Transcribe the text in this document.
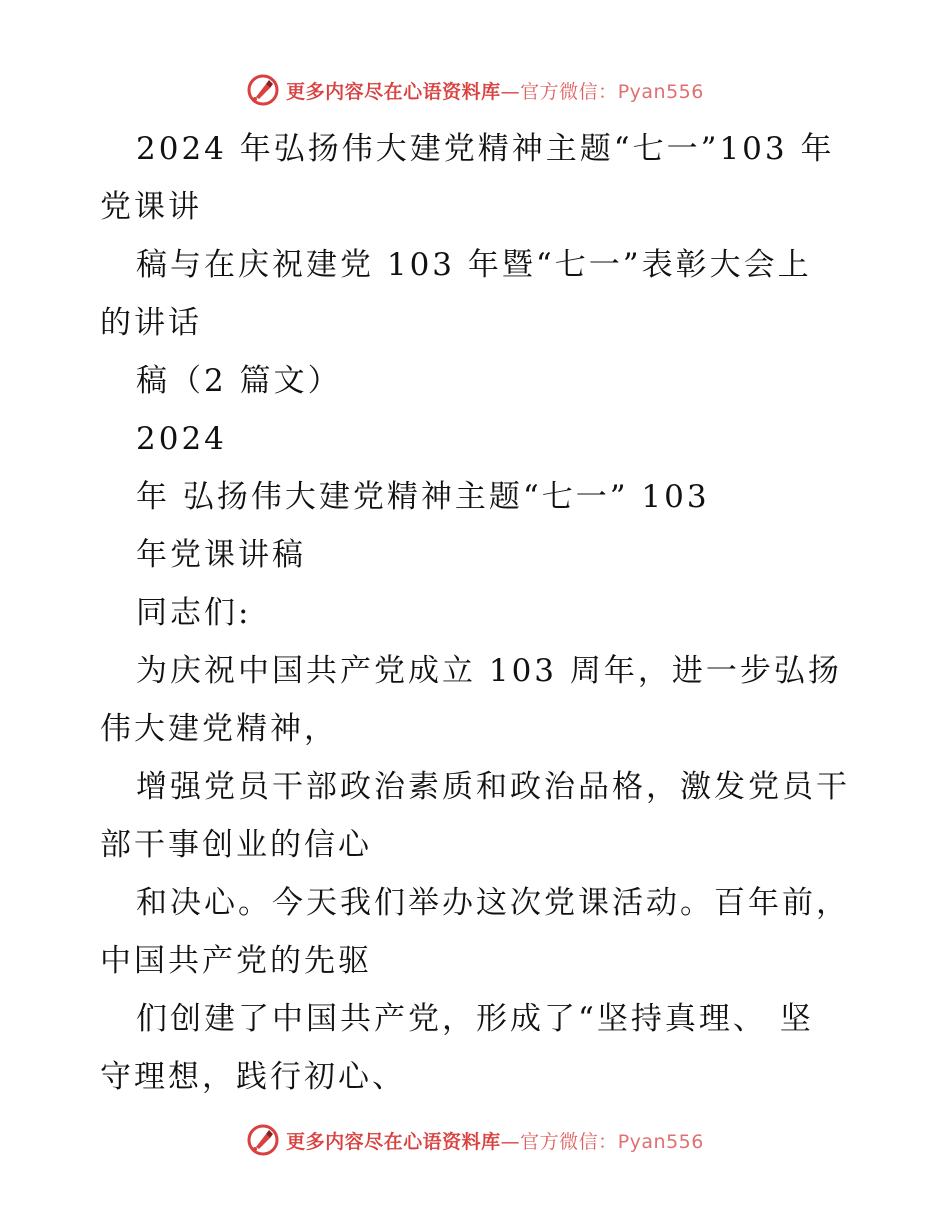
更多内容尽在心语资料库—官方微信：Pyan556
2024 年弘扬伟大建党精神主题“七一”103 年
党课讲
稿与在庆祝建党 103 年暨“七一”表彰大会上
的讲话
稿（2 篇文）
2024
年 弘扬伟大建党精神主题“七一” 103
年党课讲稿
同志们:
为庆祝中国共产党成立 103 周年，进一步弘扬
伟大建党精神，
增强党员干部政治素质和政治品格，激发党员干
部干事创业的信心
和决心。今天我们举办这次党课活动。百年前，
中国共产党的先驱
们创建了中国共产党，形成了“坚持真理、 坚
守理想，践行初心、
更多内容尽在心语资料库—官方微信：Pyan556
